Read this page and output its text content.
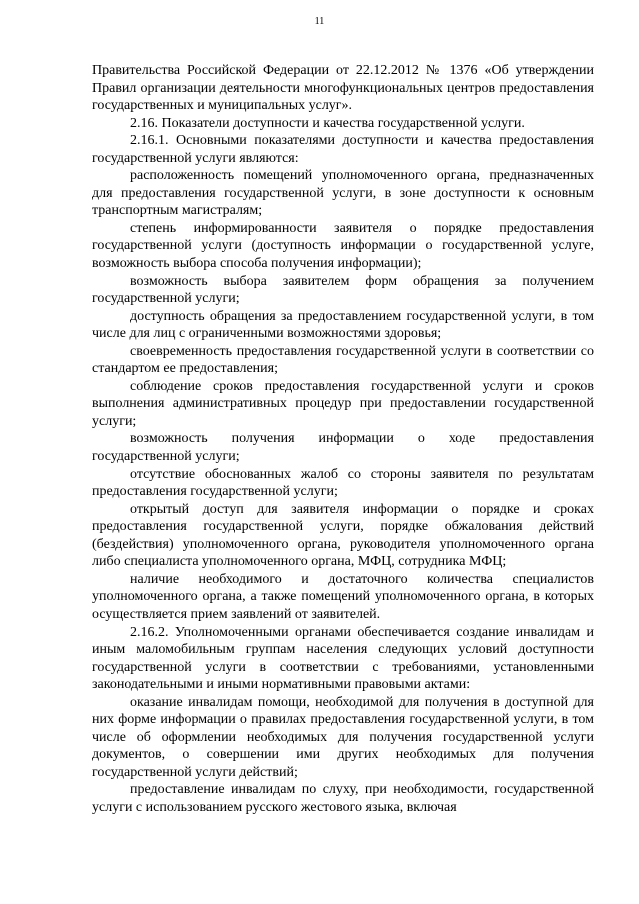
11

Правительства Российской Федерации от 22.12.2012 № 1376 «Об утверждении Правил организации деятельности многофункциональных центров предоставления государственных и муниципальных услуг».

2.16. Показатели доступности и качества государственной услуги.

2.16.1. Основными показателями доступности и качества предоставления государственной услуги являются:

расположенность помещений уполномоченного органа, предназначенных для предоставления государственной услуги, в зоне доступности к основным транспортным магистралям;

степень информированности заявителя о порядке предоставления государственной услуги (доступность информации о государственной услуге, возможность выбора способа получения информации);

возможность выбора заявителем форм обращения за получением государственной услуги;

доступность обращения за предоставлением государственной услуги, в том числе для лиц с ограниченными возможностями здоровья;

своевременность предоставления государственной услуги в соответствии со стандартом ее предоставления;

соблюдение сроков предоставления государственной услуги и сроков выполнения административных процедур при предоставлении государственной услуги;

возможность получения информации о ходе предоставления государственной услуги;

отсутствие обоснованных жалоб со стороны заявителя по результатам предоставления государственной услуги;

открытый доступ для заявителя информации о порядке и сроках предоставления государственной услуги, порядке обжалования действий (бездействия) уполномоченного органа, руководителя уполномоченного органа либо специалиста уполномоченного органа, МФЦ, сотрудника МФЦ;

наличие необходимого и достаточного количества специалистов уполномоченного органа, а также помещений уполномоченного органа, в которых осуществляется прием заявлений от заявителей.

2.16.2. Уполномоченными органами обеспечивается создание инвалидам и иным маломобильным группам населения следующих условий доступности государственной услуги в соответствии с требованиями, установленными законодательными и иными нормативными правовыми актами:

оказание инвалидам помощи, необходимой для получения в доступной для них форме информации о правилах предоставления государственной услуги, в том числе об оформлении необходимых для получения государственной услуги документов, о совершении ими других необходимых для получения государственной услуги действий;

предоставление инвалидам по слуху, при необходимости, государственной услуги с использованием русского жестового языка, включая
